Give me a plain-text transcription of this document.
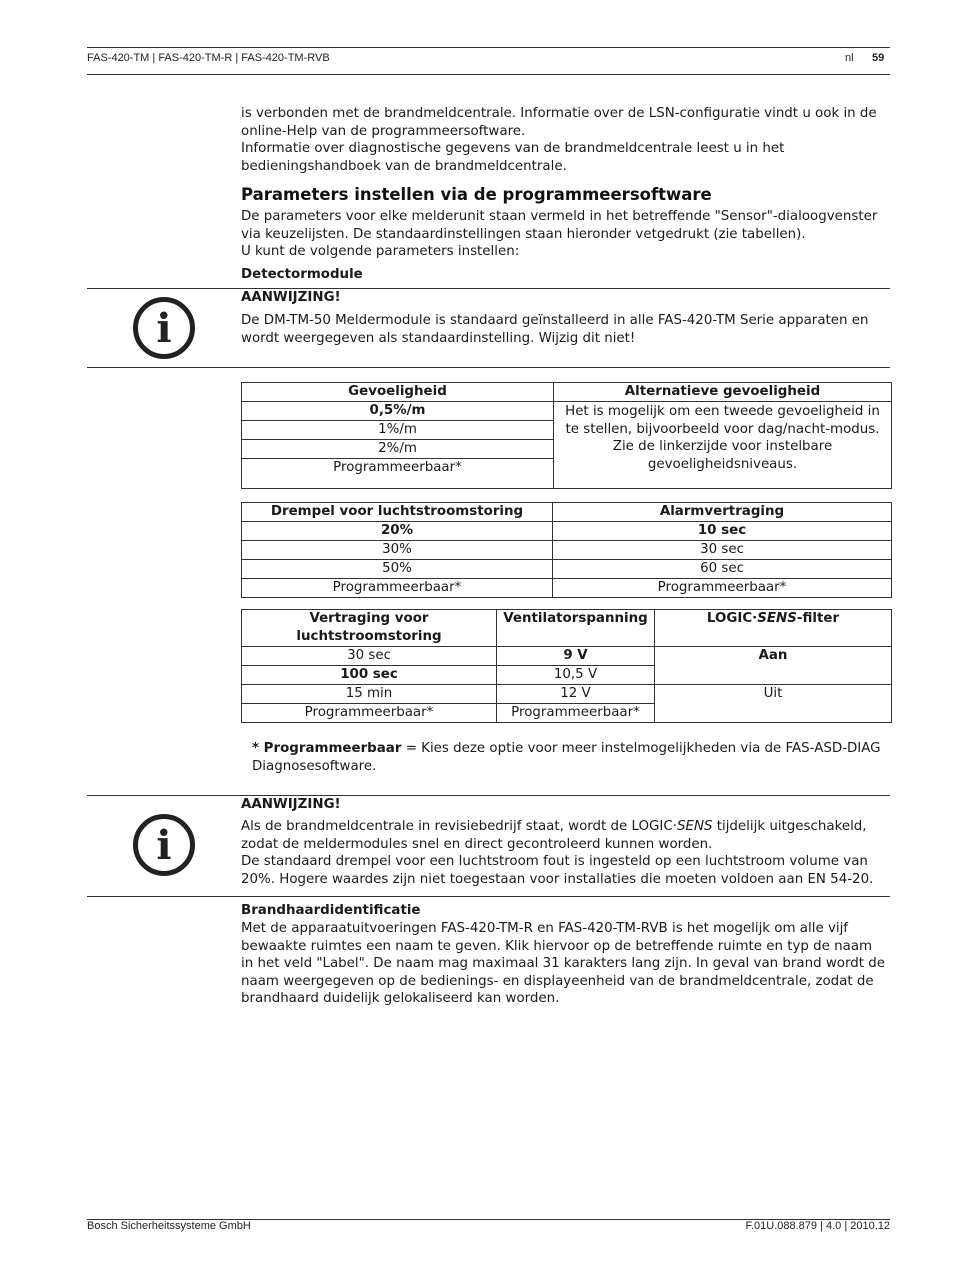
FAS-420-TM | FAS-420-TM-R | FAS-420-TM-RVB	nl 59
is verbonden met de brandmeldcentrale. Informatie over de LSN-configuratie vindt u ook in de
online-Help van de programmeersoftware.
Informatie over diagnostische gegevens van de brandmeldcentrale leest u in het
bedieningshandboek van de brandmeldcentrale.
Parameters instellen via de programmeersoftware
De parameters voor elke melderunit staan vermeld in het betreffende "Sensor"-dialoogvenster
via keuzelijsten. De standaardinstellingen staan hieronder vetgedrukt (zie tabellen).
U kunt de volgende parameters instellen:
Detectormodule
i
AANWIJZING!
De DM-TM-50 Meldermodule is standaard geïnstalleerd in alle FAS-420-TM Serie apparaten en
wordt weergegeven als standaardinstelling. Wijzig dit niet!
Gevoeligheid	Alternatieve gevoeligheid
0,5%/m	Het is mogelijk om een tweede gevoeligheid in
te stellen, bijvoorbeeld voor dag/nacht-modus.
Zie de linkerzijde voor instelbare
gevoeligheidsniveaus.

1%/m	
2%/m	
Programmeerbaar*	
Drempel voor luchtstroomstoring	Alarmvertraging
20%	10 sec
30%	30 sec
50%	60 sec
Programmeerbaar*	Programmeerbaar*
Vertraging voor
luchtstroomstoring	Ventilatorspanning	LOGIC·SENS-filter
30 sec	9 V	Aan
100 sec	10,5 V	
15 min	12 V	Uit
Programmeerbaar*	Programmeerbaar*	
* Programmeerbaar = Kies deze optie voor meer instelmogelijkheden via de FAS-ASD-DIAG
Diagnosesoftware.
i
AANWIJZING!
Als de brandmeldcentrale in revisiebedrijf staat, wordt de LOGIC·SENS tijdelijk uitgeschakeld,
zodat de meldermodules snel en direct gecontroleerd kunnen worden.
De standaard drempel voor een luchtstroom fout is ingesteld op een luchtstroom volume van
20%. Hogere waardes zijn niet toegestaan voor installaties die moeten voldoen aan EN 54-20.
Brandhaardidentificatie
Met de apparaatuitvoeringen FAS-420-TM-R en FAS-420-TM-RVB is het mogelijk om alle vijf
bewaakte ruimtes een naam te geven. Klik hiervoor op de betreffende ruimte en typ de naam
in het veld "Label". De naam mag maximaal 31 karakters lang zijn. In geval van brand wordt de
naam weergegeven op de bedienings- en displayeenheid van de brandmeldcentrale, zodat de
brandhaard duidelijk gelokaliseerd kan worden.
Bosch Sicherheitssysteme GmbH	F.01U.088.879 | 4.0 | 2010.12
